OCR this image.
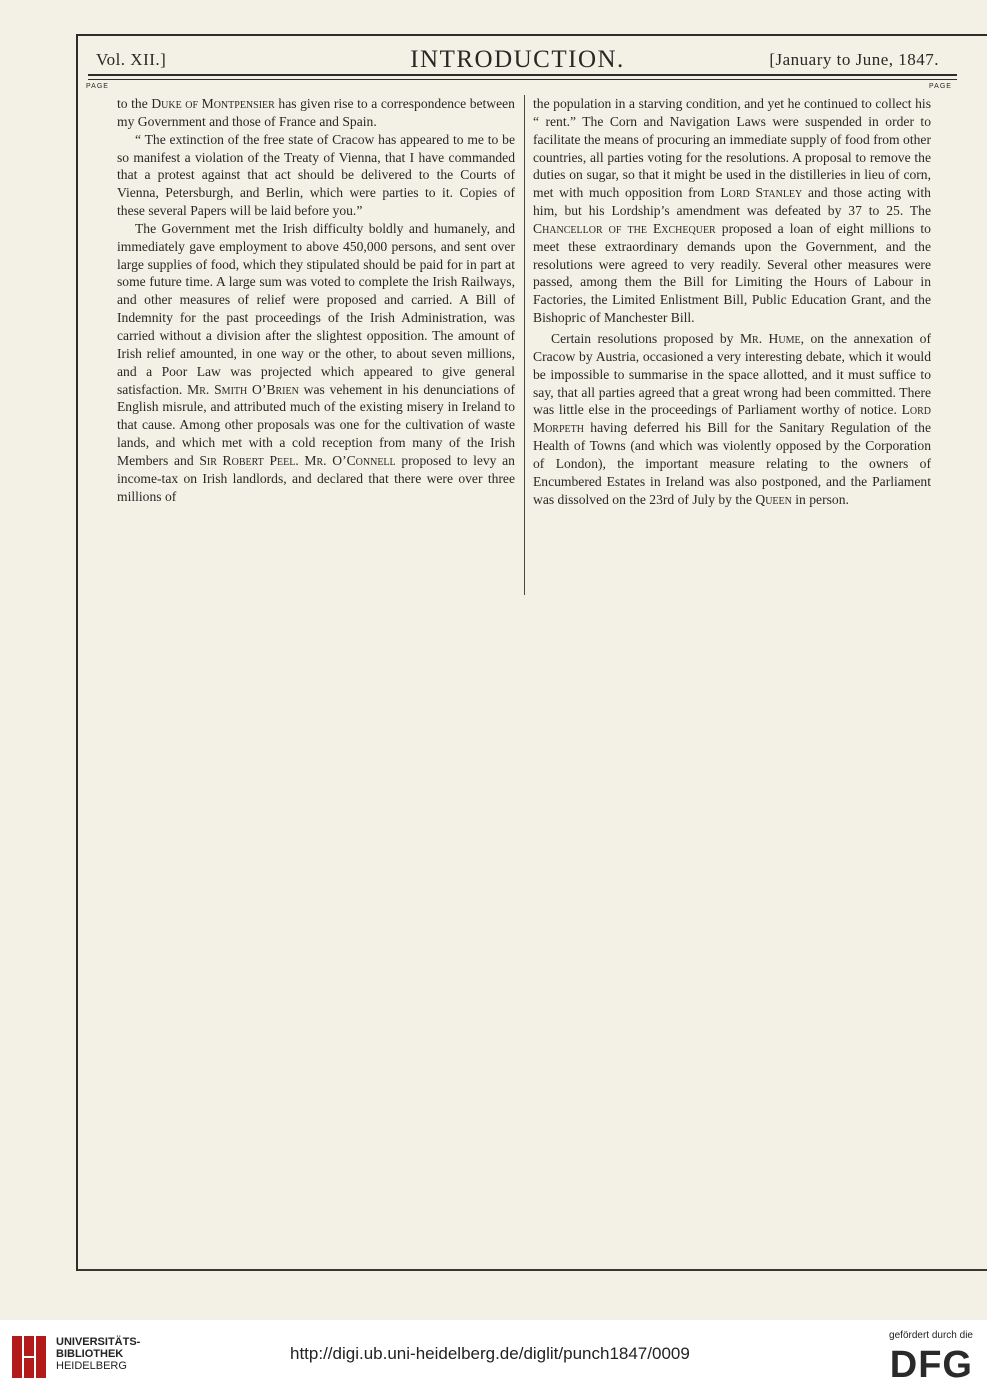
Vol. XII.]	INTRODUCTION.	[January to June, 1847.
PAGE	PAGE

to the Duke of Montpensier has given rise to a correspondence between my Government and those of France and Spain.

“ The extinction of the free state of Cracow has appeared to me to be so manifest a violation of the Treaty of Vienna, that I have commanded that a protest against that act should be delivered to the Courts of Vienna, Petersburgh, and Berlin, which were parties to it. Copies of these several Papers will be laid before you.”

The Government met the Irish difficulty boldly and humanely, and immediately gave employment to above 450,000 persons, and sent over large supplies of food, which they stipulated should be paid for in part at some future time. A large sum was voted to complete the Irish Railways, and other measures of relief were proposed and carried. A Bill of Indemnity for the past proceedings of the Irish Administration, was carried without a division after the slightest opposition. The amount of Irish relief amounted, in one way or the other, to about seven millions, and a Poor Law was projected which appeared to give general satisfaction. Mr. Smith O’Brien was vehement in his denunciations of English misrule, and attributed much of the existing misery in Ireland to that cause. Among other proposals was one for the cultivation of waste lands, and which met with a cold reception from many of the Irish Members and Sir Robert Peel. Mr. O’Connell proposed to levy an income-tax on Irish landlords, and declared that there were over three millions of

the population in a starving condition, and yet he continued to collect his “ rent.” The Corn and Navigation Laws were suspended in order to facilitate the means of procuring an immediate supply of food from other countries, all parties voting for the resolutions. A proposal to remove the duties on sugar, so that it might be used in the distilleries in lieu of corn, met with much opposition from Lord Stanley and those acting with him, but his Lordship’s amendment was defeated by 37 to 25. The Chancellor of the Exchequer proposed a loan of eight millions to meet these extraordinary demands upon the Government, and the resolutions were agreed to very readily. Several other measures were passed, among them the Bill for Limiting the Hours of Labour in Factories, the Limited Enlistment Bill, Public Education Grant, and the Bishopric of Manchester Bill.

Certain resolutions proposed by Mr. Hume, on the annexation of Cracow by Austria, occasioned a very interesting debate, which it would be impossible to summarise in the space allotted, and it must suffice to say, that all parties agreed that a great wrong had been committed. There was little else in the proceedings of Parliament worthy of notice. Lord Morpeth having deferred his Bill for the Sanitary Regulation of the Health of Towns (and which was violently opposed by the Corporation of London), the important measure relating to the owners of Encumbered Estates in Ireland was also postponed, and the Parliament was dissolved on the 23rd of July by the Queen in person.

UNIVERSITÄTS-
BIBLIOTHEK
HEIDELBERG
http://digi.ub.uni-heidelberg.de/diglit/punch1847/0009
gefördert durch die
DFG
